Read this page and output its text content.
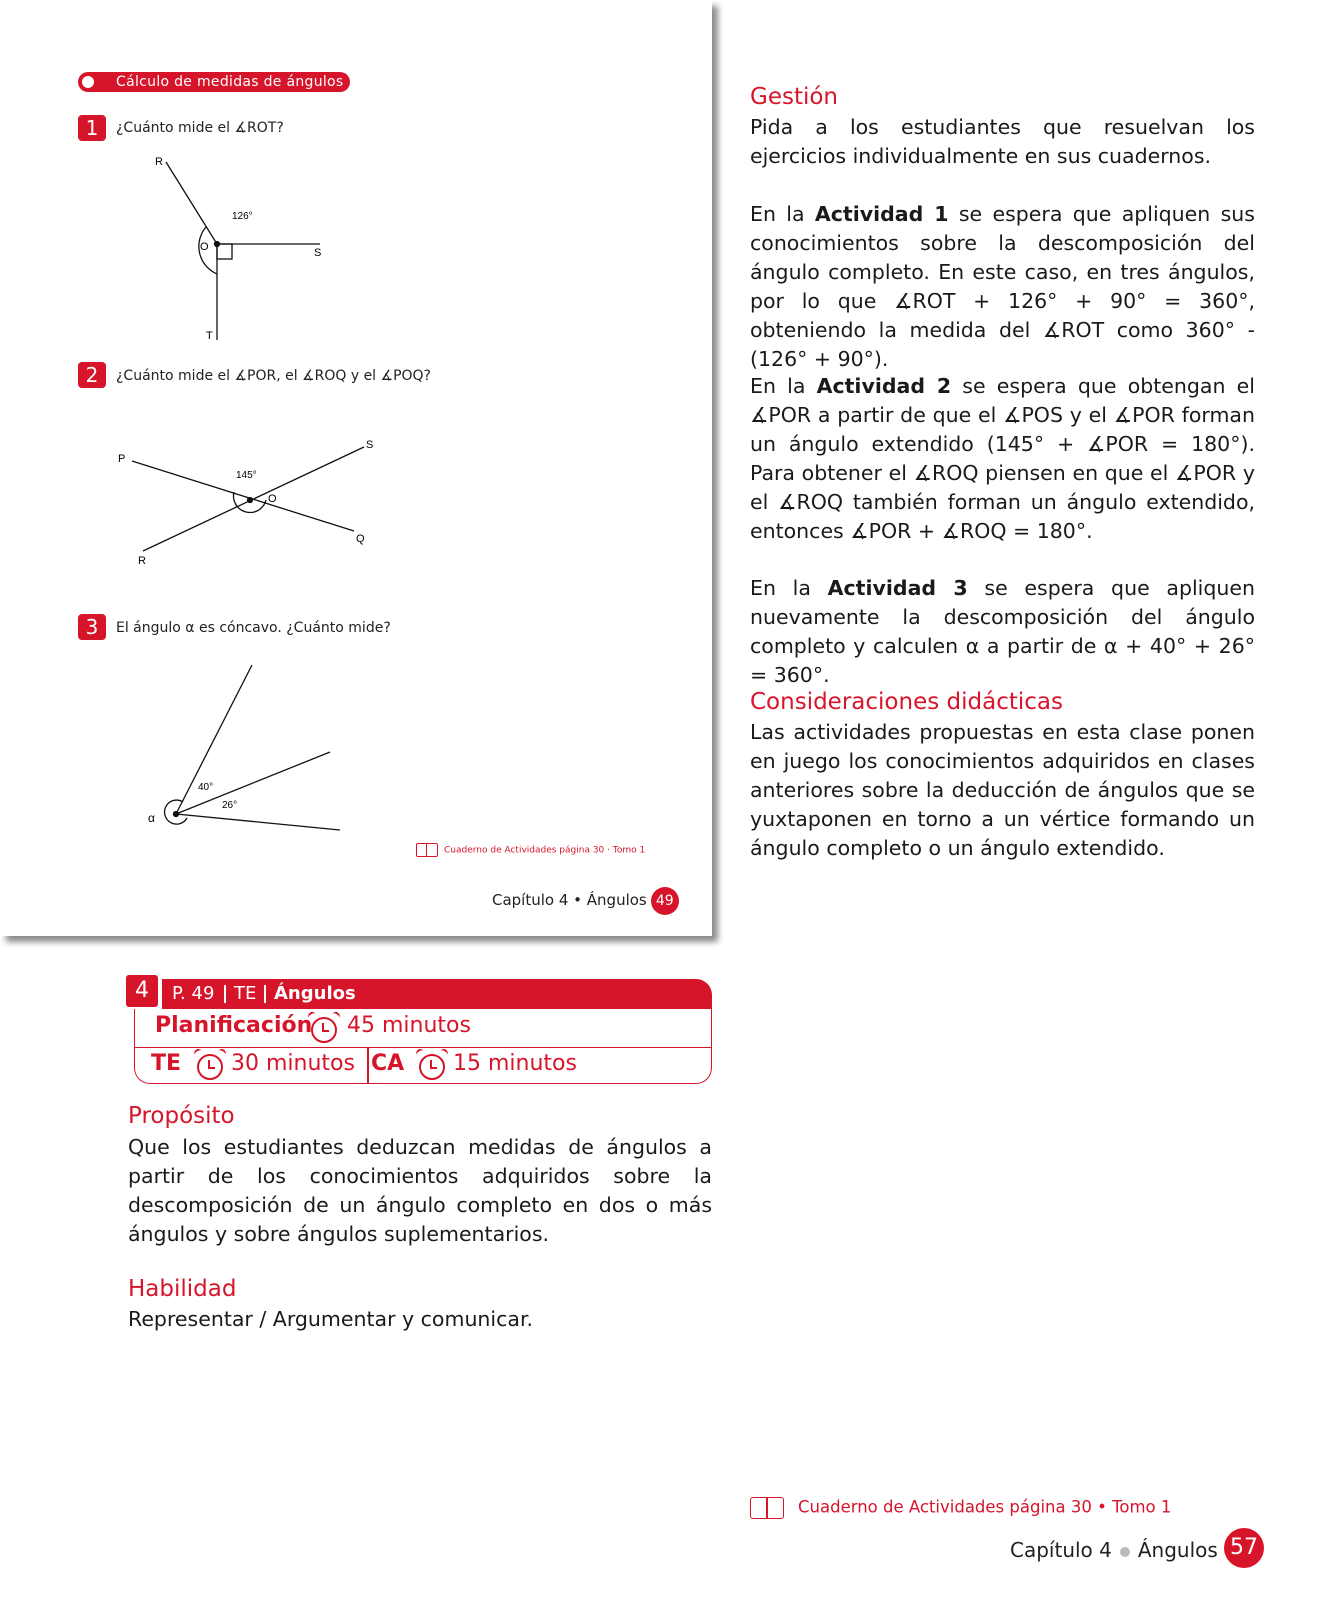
Cálculo de medidas de ángulos
1	¿Cuánto mide el ∡ROT?
R
O	S
T
126°
P
S
O
Q
R
145°
α
40°
26°
2	¿Cuánto mide el ∡POR, el ∡ROQ y el ∡POQ?
3	El ángulo α es cóncavo. ¿Cuánto mide?
Cuaderno de Actividades página 30 · Tomo 1
Capítulo 4 • Ángulos 49
P. 49 TE Ángulos
4
Planificación 45 minutos
TE 30 minutos CA 15 minutos
Propósito
Que los estudiantes deduzcan medidas de ángulos a partir de los conocimientos adquiridos sobre la descomposición de un ángulo completo en dos o más ángulos y sobre ángulos suplementarios.
Habilidad
Representar / Argumentar y comunicar.
Gestión
Pida a los estudiantes que resuelvan los ejercicios individualmente en sus cuadernos.
En la Actividad 1 se espera que apliquen sus conocimientos sobre la descomposición del ángulo completo. En este caso, en tres ángulos, por lo que ∡ROT + 126° + 90° = 360°, obteniendo la medida del ∡ROT como 360° - (126° + 90°).
En la Actividad 2 se espera que obtengan el ∡POR a partir de que el ∡POS y el ∡POR forman un ángulo extendido (145° + ∡POR = 180°). Para obtener el ∡ROQ piensen en que el ∡POR y el ∡ROQ también forman un ángulo extendido, entonces ∡POR + ∡ROQ = 180°.
En la Actividad 3 se espera que apliquen nuevamente la descomposición del ángulo completo y calculen α a partir de α + 40° + 26° = 360°.
Consideraciones didácticas
Las actividades propuestas en esta clase ponen en juego los conocimientos adquiridos en clases anteriores sobre la deducción de ángulos que se yuxtaponen en torno a un vértice formando un ángulo completo o un ángulo extendido.
Cuaderno de Actividades página 30 • Tomo 1
Capítulo 4 Ángulos 57
